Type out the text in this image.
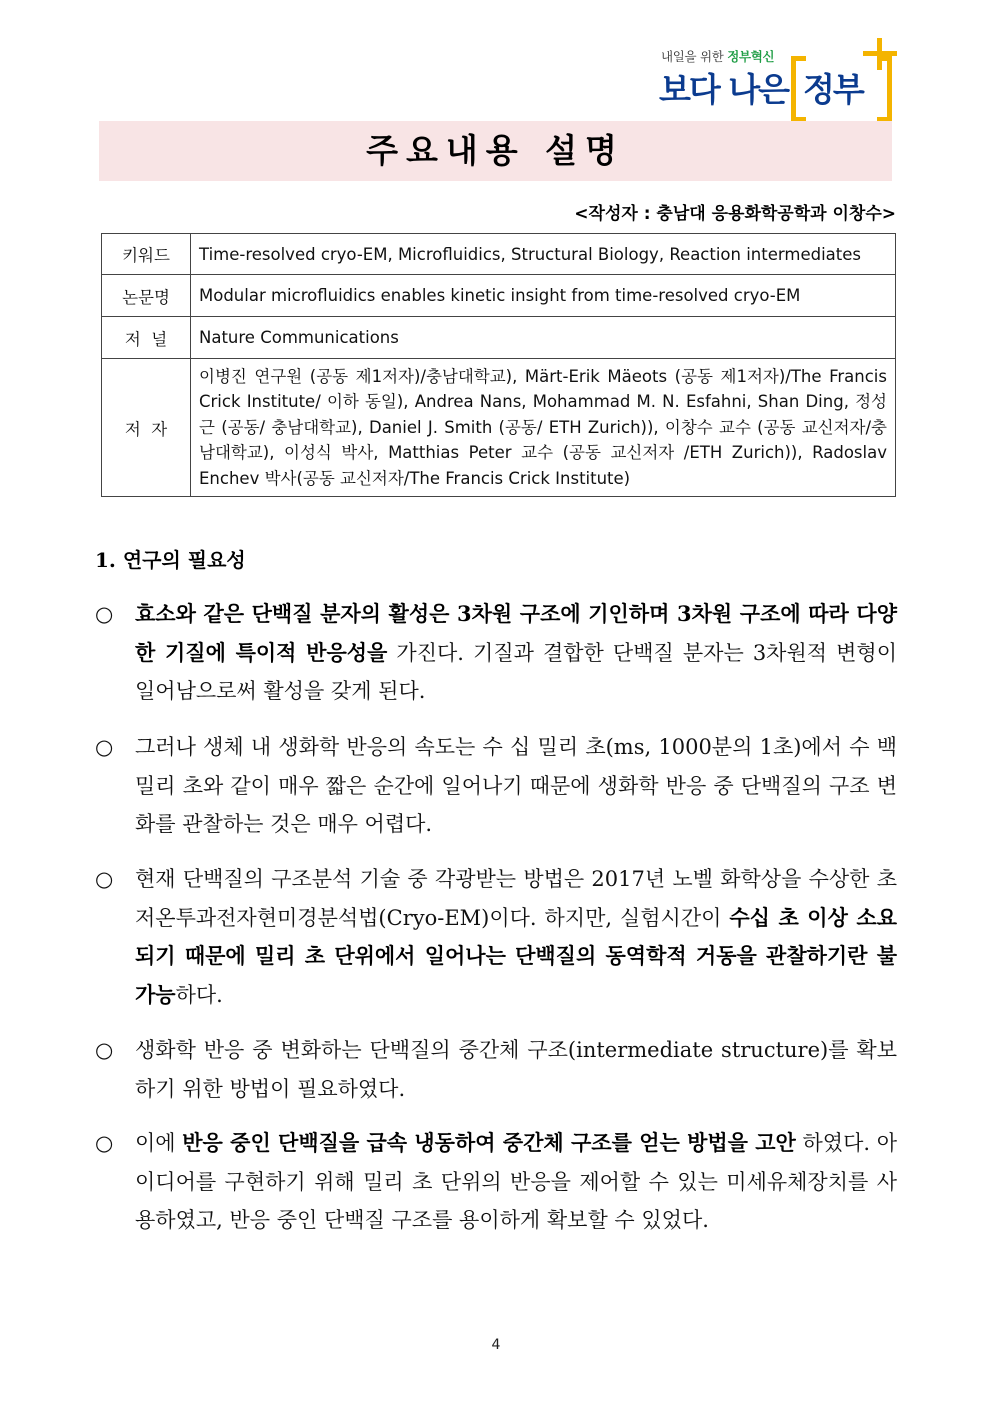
내일을 위한 정부혁신
보다 나은 정부
주요내용 설명
<작성자 : 충남대 응용화학공학과 이창수>
키워드	Time-resolved cryo-EM, Microfluidics, Structural Biology, Reaction intermediates
논문명	Modular microfluidics enables kinetic insight from time-resolved cryo-EM
저  널	Nature Communications
저  자	이병진 연구원 (공동 제1저자)/충남대학교), Märt-Erik Mäeots (공동 제1저자)/The Francis Crick Institute/ 이하 동일), Andrea Nans, Mohammad M. N. Esfahni, Shan Ding, 정성근 (공동/ 충남대학교), Daniel J. Smith (공동/ ETH Zurich)), 이창수 교수 (공동 교신저자/충남대학교), 이성식 박사, Matthias Peter 교수 (공동 교신저자 /ETH Zurich)), Radoslav Enchev 박사(공동 교신저자/The Francis Crick Institute)
1. 연구의 필요성
○	효소와 같은 단백질 분자의 활성은 3차원 구조에 기인하며 3차원 구조에 따라 다양한 기질에 특이적 반응성을 가진다. 기질과 결합한 단백질 분자는 3차원적 변형이 일어남으로써 활성을 갖게 된다.
○	그러나 생체 내 생화학 반응의 속도는 수 십 밀리 초(ms, 1000분의 1초)에서 수 백 밀리 초와 같이 매우 짧은 순간에 일어나기 때문에 생화학 반응 중 단백질의 구조 변화를 관찰하는 것은 매우 어렵다.
○	현재 단백질의 구조분석 기술 중 각광받는 방법은 2017년 노벨 화학상을 수상한 초저온투과전자현미경분석법(Cryo-EM)이다. 하지만, 실험시간이 수십 초 이상 소요되기 때문에 밀리 초 단위에서 일어나는 단백질의 동역학적 거동을 관찰하기란 불가능하다.
○	생화학 반응 중 변화하는 단백질의 중간체 구조(intermediate structure)를 확보하기 위한 방법이 필요하였다.
○	이에 반응 중인 단백질을 급속 냉동하여 중간체 구조를 얻는 방법을 고안 하였다. 아이디어를 구현하기 위해 밀리 초 단위의 반응을 제어할 수 있는 미세유체장치를 사용하였고, 반응 중인 단백질 구조를 용이하게 확보할 수 있었다.
4
